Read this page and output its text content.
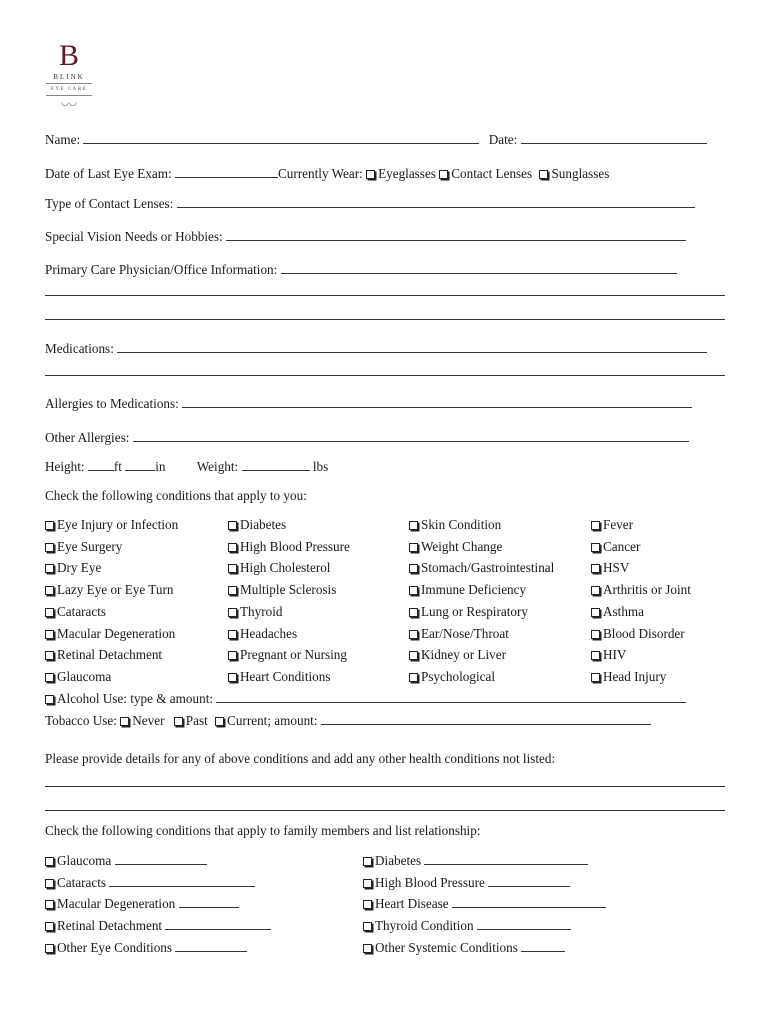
B
BLINK
EYE CARE
◡◡
Name:	Date:
Date of Last Eye Exam:	Currently Wear: Eyeglasses Contact Lenses Sunglasses
Type of Contact Lenses:
Special Vision Needs or Hobbies:
Primary Care Physician/Office Information:
Medications:
Allergies to Medications:
Other Allergies:
Height: ft	in Weight:	lbs
Check the following conditions that apply to you:
Eye Injury or Infection	Diabetes	Skin Condition	Fever
Eye Surgery	High Blood Pressure	Weight Change	Cancer
Dry Eye	High Cholesterol	Stomach/Gastrointestinal	HSV
Lazy Eye or Eye Turn	Multiple Sclerosis	Immune Deficiency	Arthritis or Joint
Cataracts	Thyroid	Lung or Respiratory	Asthma
Macular Degeneration	Headaches	Ear/Nose/Throat	Blood Disorder
Retinal Detachment	Pregnant or Nursing	Kidney or Liver	HIV
Glaucoma	Heart Conditions	Psychological	Head Injury
Alcohol Use: type & amount:
Tobacco Use: Never Past Current; amount:
Please provide details for any of above conditions and add any other health conditions not listed:
Check the following conditions that apply to family members and list relationship:
Glaucoma	Diabetes
Cataracts	High Blood Pressure
Macular Degeneration	Heart Disease
Retinal Detachment	Thyroid Condition
Other Eye Conditions	Other Systemic Conditions
